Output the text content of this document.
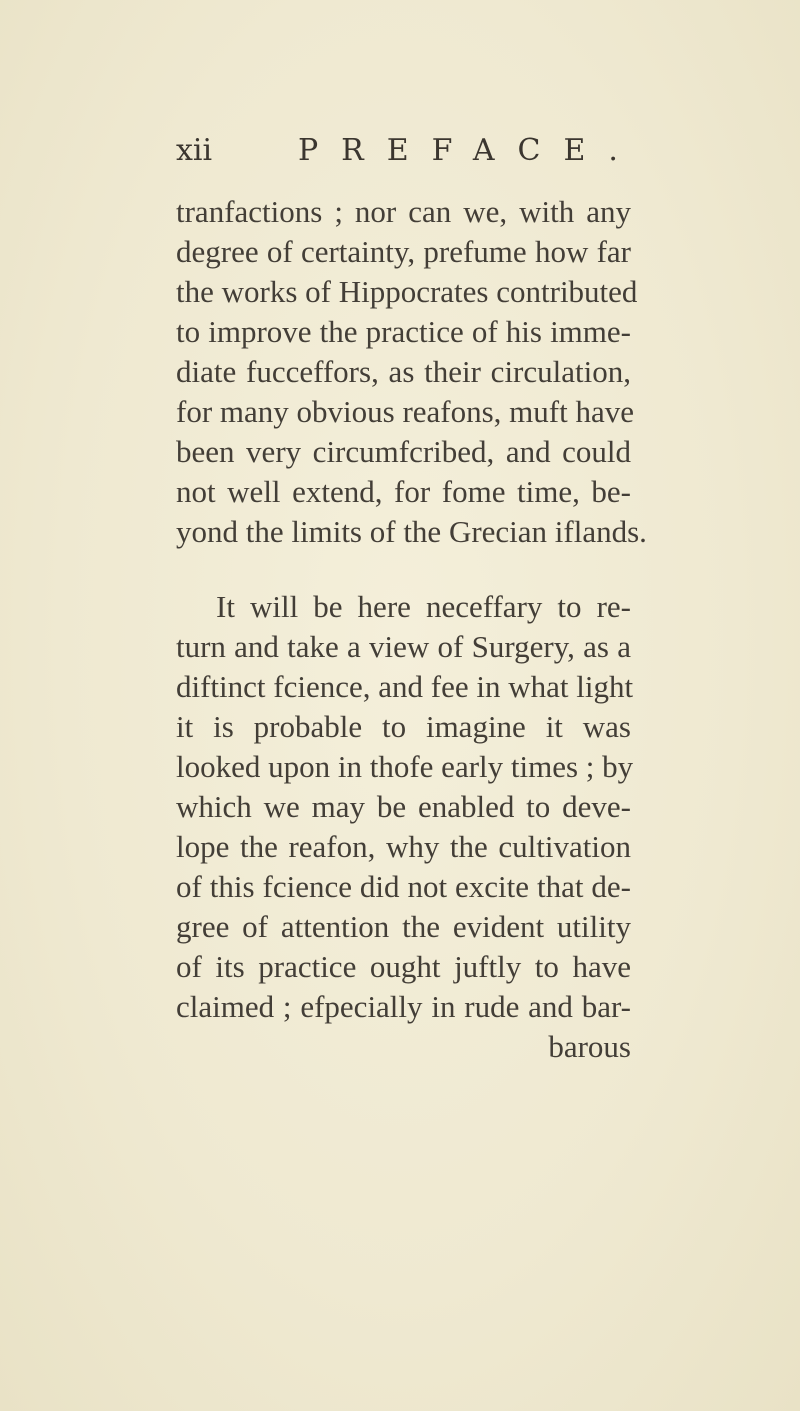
xii	PREFACE.
tranfactions ; nor can we, with any
degree of certainty, prefume how far
the works of Hippocrates contributed
to improve the practice of his imme-
diate fucceffors, as their circulation,
for many obvious reafons, muft have
been very circumfcribed, and could
not well extend, for fome time, be-
yond the limits of the Grecian iflands.
It will be here neceffary to re-
turn and take a view of Surgery, as a
diftinct fcience, and fee in what light
it is probable to imagine it was
looked upon in thofe early times ; by
which we may be enabled to deve-
lope the reafon, why the cultivation
of this fcience did not excite that de-
gree of attention the evident utility
of its practice ought juftly to have
claimed ; efpecially in rude and bar-
barous
